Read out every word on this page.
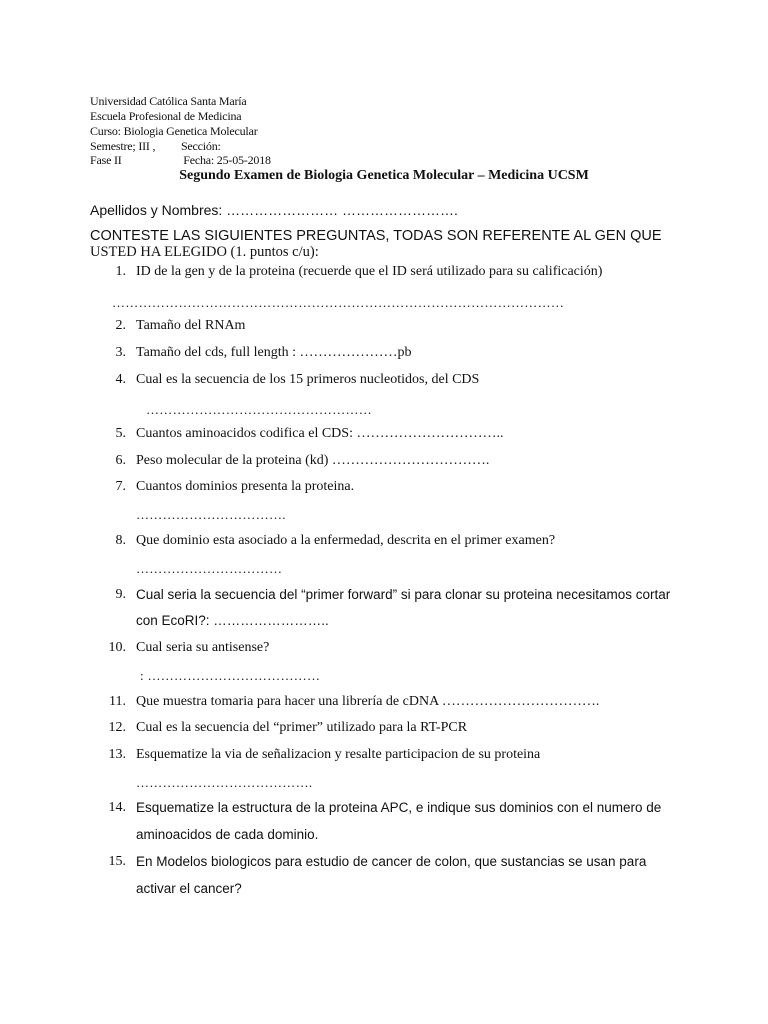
Universidad Católica Santa María
Escuela Profesional de Medicina
Curso: Biologia Genetica Molecular
Semestre; III , Sección:
Fase II	Fecha: 25-05-2018
Segundo Examen de Biologia Genetica Molecular – Medicina UCSM
Apellidos y Nombres: …………………… …………………….
CONTESTE LAS SIGUIENTES PREGUNTAS, TODAS SON REFERENTE AL GEN QUE
USTED HA ELEGIDO (1. puntos c/u):
1. ID de la gen y de la proteina (recuerde que el ID será utilizado para su calificación)
…………………………………………………………………………………………
2. Tamaño del RNAm
3. Tamaño del cds, full length : …………………pb
4. Cual es la secuencia de los 15 primeros nucleotidos, del CDS
……………………………………………
5. Cuantos aminoacidos codifica el CDS: …………………………..
6. Peso molecular de la proteina (kd) …………………………….
7. Cuantos dominios presenta la proteina.
…………………………….
8. Que dominio esta asociado a la enfermedad, descrita en el primer examen?
……………………………
9. Cual seria la secuencia del “primer forward” si para clonar su proteina necesitamos cortar
con EcoRI?: ……………………..
10. Cual seria su antisense?
: …………………………………
11. Que muestra tomaria para hacer una librería de cDNA …………………………….
12. Cual es la secuencia del “primer” utilizado para la RT-PCR
13. Esquematize la via de señalizacion y resalte participacion de su proteina
………………………………….
14. Esquematize la estructura de la proteina APC, e indique sus dominios con el numero de
aminoacidos de cada dominio.
15. En Modelos biologicos para estudio de cancer de colon, que sustancias se usan para
activar el cancer?
